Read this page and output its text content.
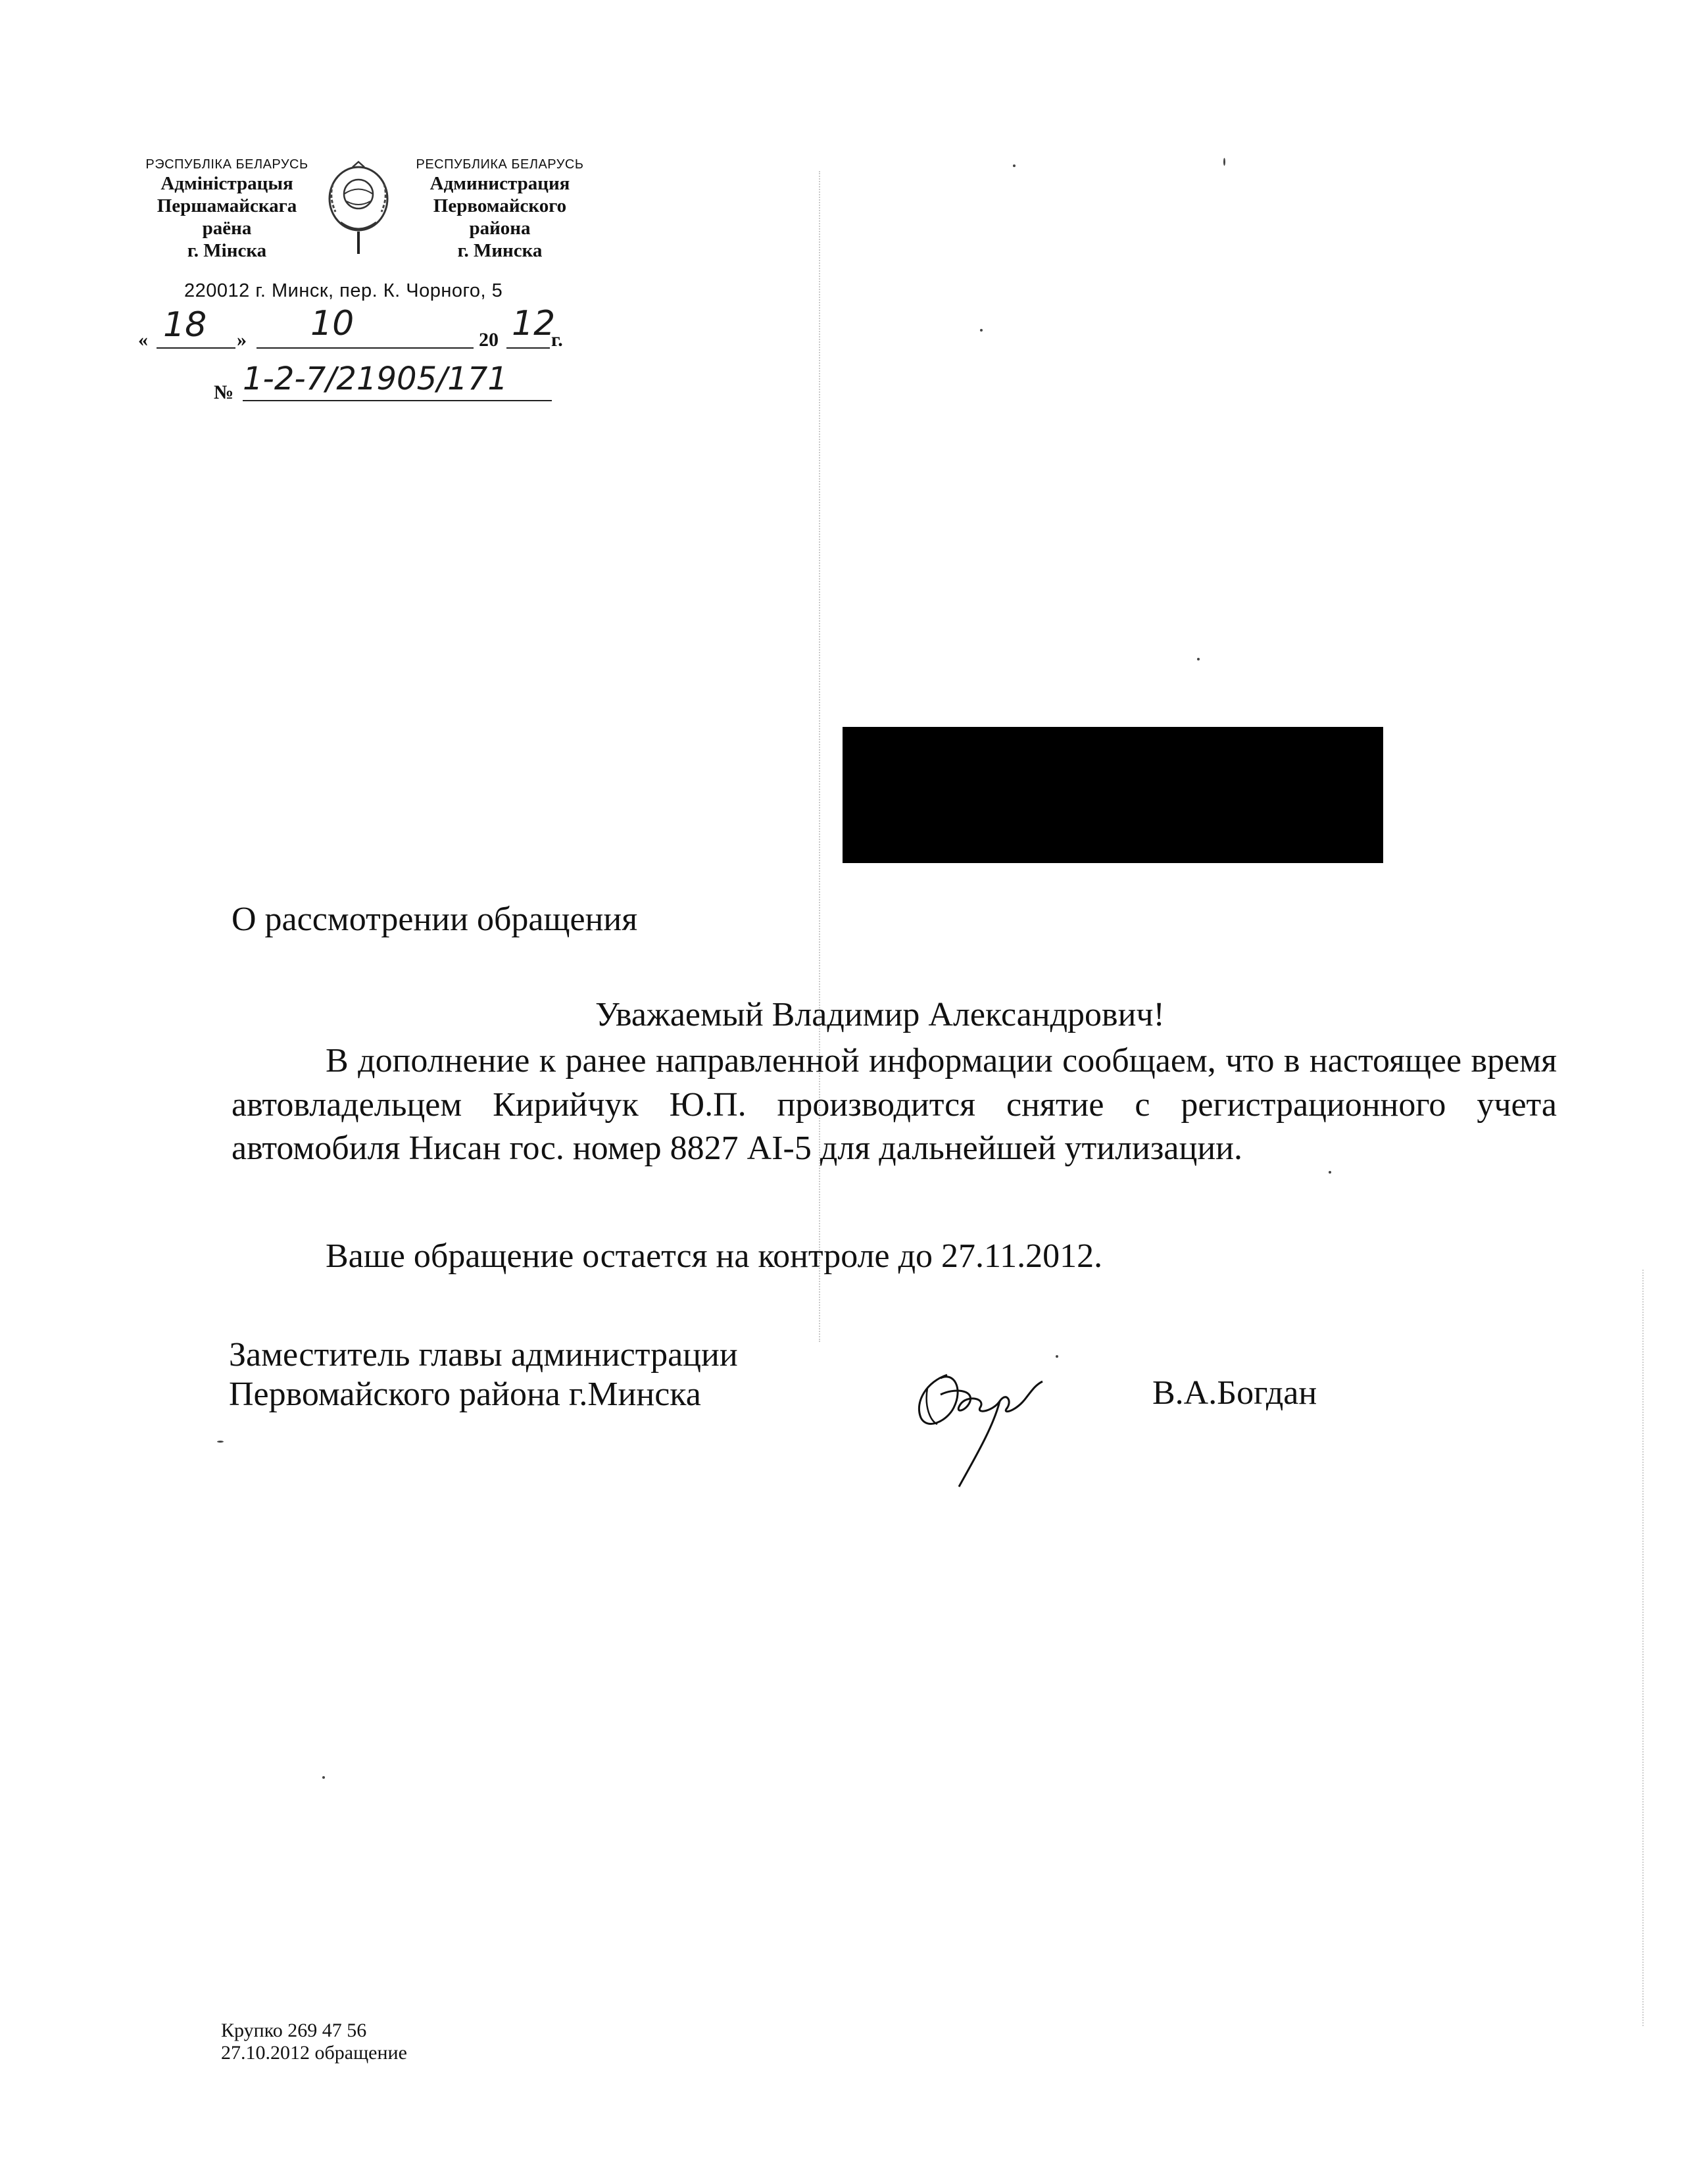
РЭСПУБЛІКА БЕЛАРУСЬ
Адміністрацыя
Першамайскага
раёна
г. Мінска
РЕСПУБЛИКА БЕЛАРУСЬ
Администрация
Первомайского
района
г. Минска
220012 г. Минск, пер. К. Чорного, 5
« 18 » 10	20 12
г.
№ 1-2-7/21905/171
О рассмотрении обращения
Уважаемый Владимир Александрович!

В дополнение к ранее направленной информации сообщаем, что в настоящее время автовладельцем Кирийчук Ю.П. производится снятие с регистрационного учета автомобиля Нисан гос. номер 8827 AI-5 для дальнейшей утилизации.

Ваше обращение остается на контроле до 27.11.2012.
Заместитель главы администрации
Первомайского района г.Минска	В.А.Богдан
Крупко 269 47 56
27.10.2012 обращение
